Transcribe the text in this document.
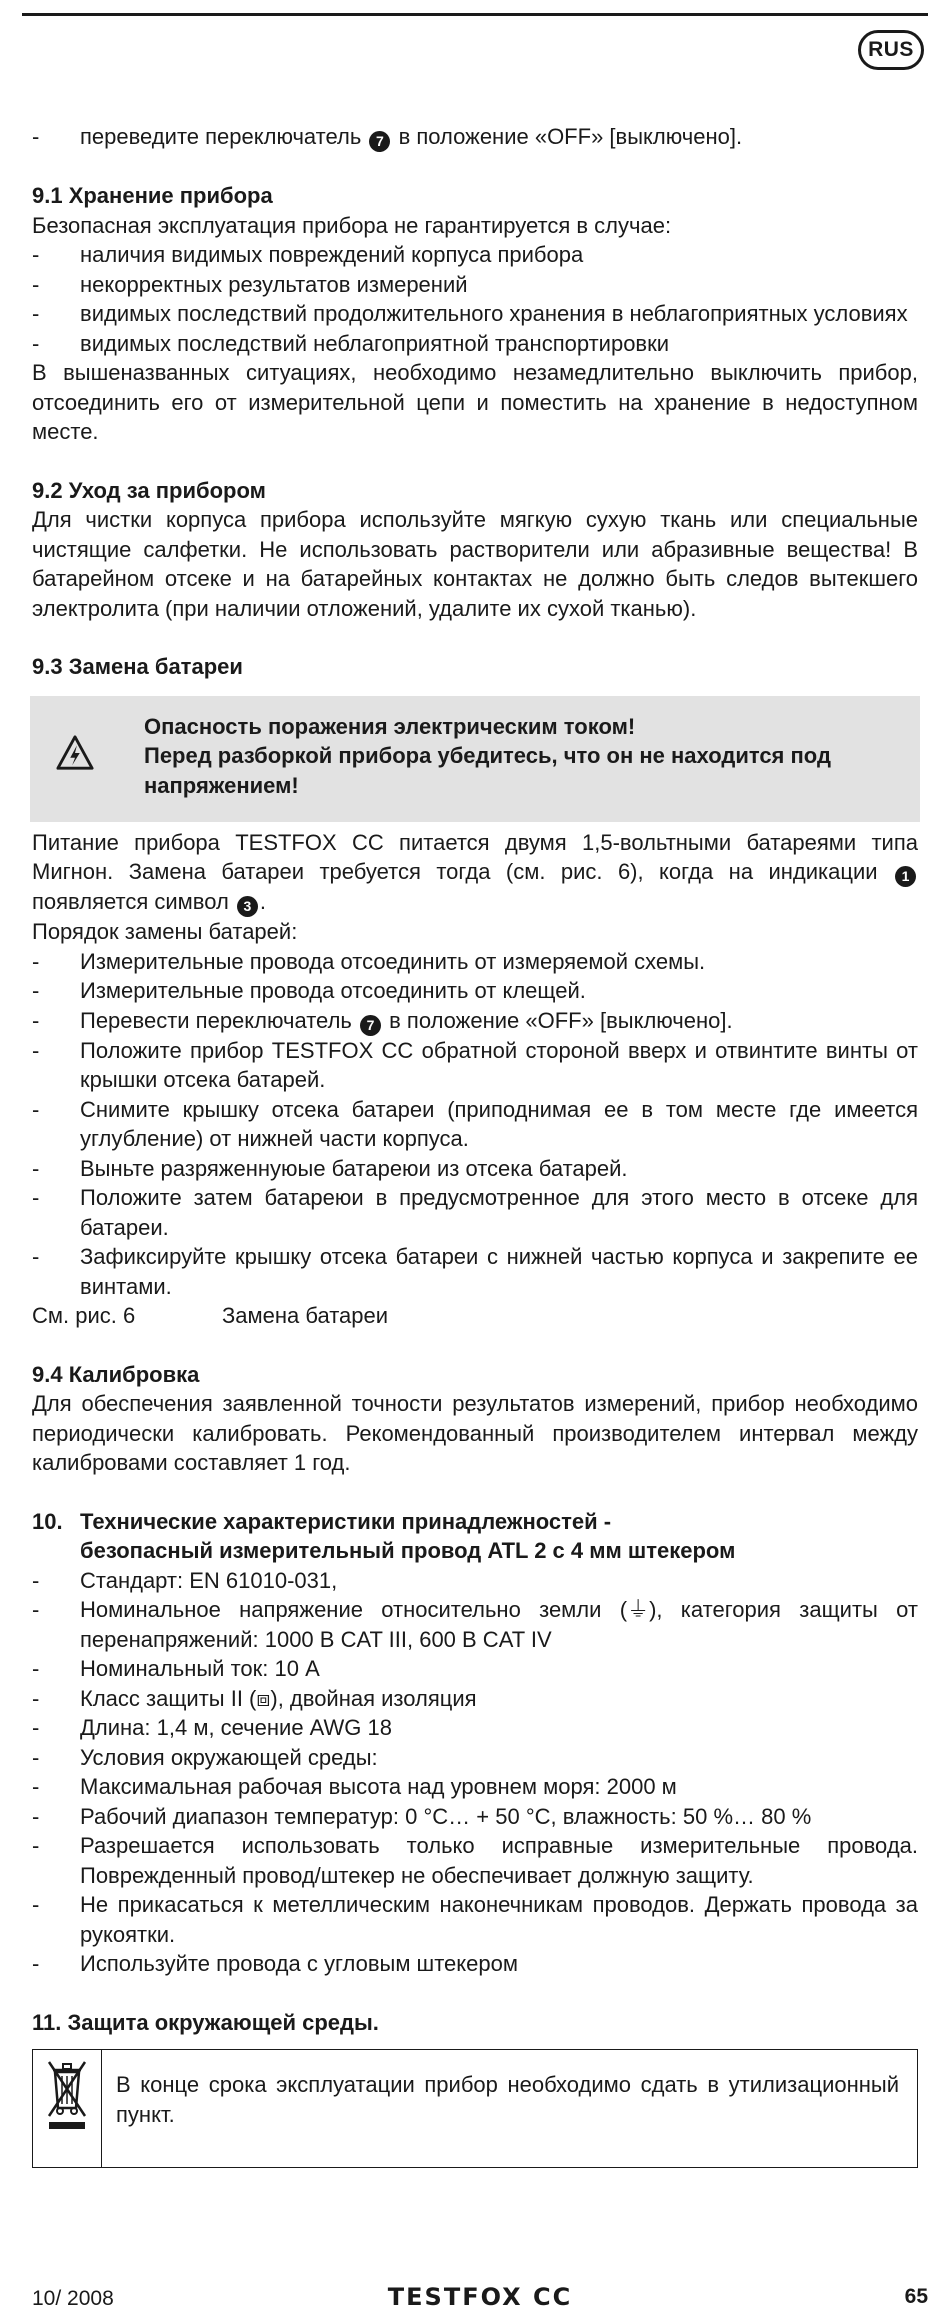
RUS
- переведите переключатель 7 в положение «OFF» [выключено].
9.1 Хранение прибора

Безопасная эксплуатация прибора не гарантируется в случае:

- наличия видимых повреждений корпуса прибора
- некорректных результатов измерений
- видимых последствий продолжительного хранения в неблагоприятных условиях
- видимых последствий неблагоприятной транспортировки

В вышеназванных ситуациях, необходимо незамедлительно выключить прибор, отсоединить его от измерительной цепи и поместить на хранение в недоступном месте.

9.2 Уход за прибором

Для чистки корпуса прибора используйте мягкую сухую ткань или специальные чистящие салфетки. Не использовать растворители или абразивные вещества! В батарейном отсеке и на батарейных контактах не должно быть следов вытекшего электролита (при наличии отложений, удалите их сухой тканью).

9.3 Замена батареи
Опасность поражения электрическим током!
Перед разборкой прибора убедитесь, что он не находится под напряжением!

Питание прибора TESTFOX CC питается двумя 1,5-вольтными батареями типа Мигнон. Замена батареи требуется тогда (см. рис. 6), когда на индикации 1 появляется символ 3 .

Порядок замены батарей:

- Измерительные провода отсоединить от измеряемой схемы.
- Измерительные провода отсоединить от клещей.
- Перевести переключатель 7 в положение «OFF» [выключено].
- Положите прибор TESTFOX CC обратной стороной вверх и отвинтите винты от крышки отсека батарей.
- Снимите крышку отсека батареи (приподнимая ее в том месте где имеется углубление) от нижней части корпуса.
- Выньте разряженнуюые батареюи из отсека батарей.
- Положите затем батареюи в предусмотренное для этого место в отсеке для батареи.
- Зафиксируйте крышку отсека батареи с нижней частью корпуса и закрепите ее винтами.
См. рис. 6	Замена батареи
9.4 Калибровка

Для обеспечения заявленной точности результатов измерений, прибор необходимо периодически калибровать. Рекомендованный производителем интервал между калибровами составляет 1 год.

10. Технические характеристики принадлежностей -
безопасный измерительный провод ATL 2 с 4 мм штекером
- Стандарт: EN 61010-031,
- Номинальное напряжение относительно земли (⏚), категория защиты от перенапряжений: 1000 В CAT III, 600 В CAT IV
- Номинальный ток: 10 А
- Класс защиты II (⧈), двойная изоляция
- Длина: 1,4 м, сечение AWG 18
- Условия окружающей среды:
- Максимальная рабочая высота над уровнем моря: 2000 м
- Рабочий диапазон температур: 0 °C… + 50 °C, влажность: 50 %… 80 %
- Разрешается использовать только исправные измерительные провода. Поврежденный провод/штекер не обеспечивает должную защиту.
- Не прикасаться к метеллическим наконечникам проводов. Держать провода за рукоятки.
- Используйте провода с угловым штекером
11. Защита окружающей среды.
В конце срока эксплуатации прибор необходимо сдать в утилизационный пункт.
10/ 2008	TESTFOX CC	65
